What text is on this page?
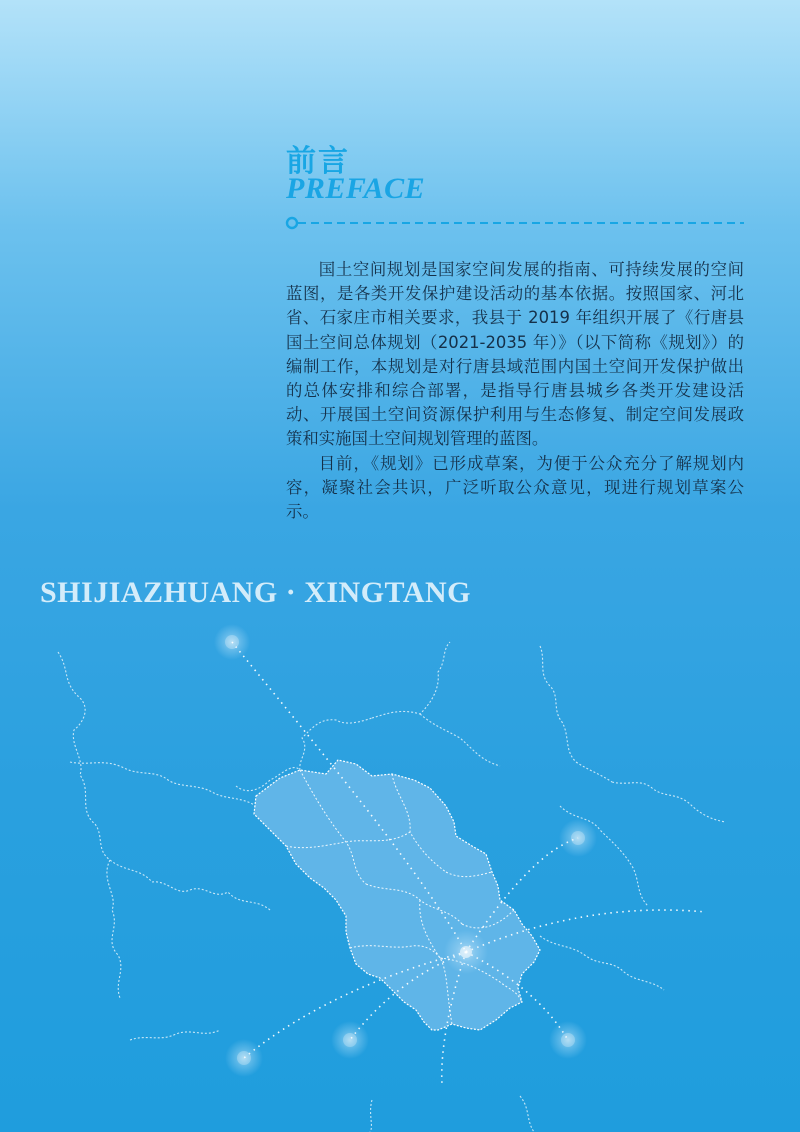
前言
PREFACE

国土空间规划是国家空间发展的指南、可持续发展的空间蓝图，是各类开发保护建设活动的基本依据。按照国家、河北省、石家庄市相关要求，我县于 2019 年组织开展了《行唐县国土空间总体规划（2021-2035 年）》（以下简称《规划》）的编制工作，本规划是对行唐县域范围内国土空间开发保护做出的总体安排和综合部署，是指导行唐县城乡各类开发建设活动、开展国土空间资源保护利用与生态修复、制定空间发展政策和实施国土空间规划管理的蓝图。

目前，《规划》已形成草案，为便于公众充分了解规划内容，凝聚社会共识，广泛听取公众意见，现进行规划草案公示。

SHIJIAZHUANG · XINGTANG
